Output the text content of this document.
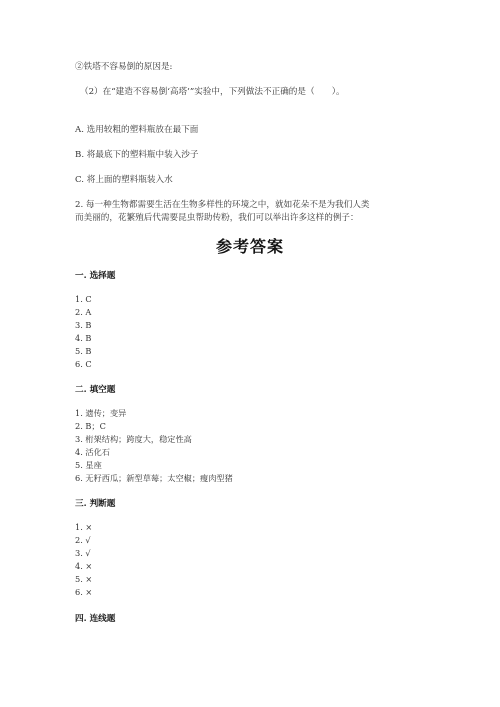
②铁塔不容易倒的原因是:
（2）在“建造不容易倒‘高塔’”实验中，下列做法不正确的是（　　）。
A. 选用较粗的塑料瓶放在最下面
B. 将最底下的塑料瓶中装入沙子
C. 将上面的塑料瓶装入水
2. 每一种生物都需要生活在生物多样性的环境之中，就如花朵不是为我们人类
而美丽的，花繁殖后代需要昆虫帮助传粉，我们可以举出许多这样的例子：
参考答案
一. 选择题
1. C
2. A
3. B
4. B
5. B
6. C
二. 填空题
1. 遗传；变异
2. B；C
3. 桁架结构；跨度大，稳定性高
4. 活化石
5. 星座
6. 无籽西瓜；新型草莓；太空椒；瘦肉型猪
三. 判断题
1. ×
2. √
3. √
4. ×
5. ×
6. ×
四. 连线题
